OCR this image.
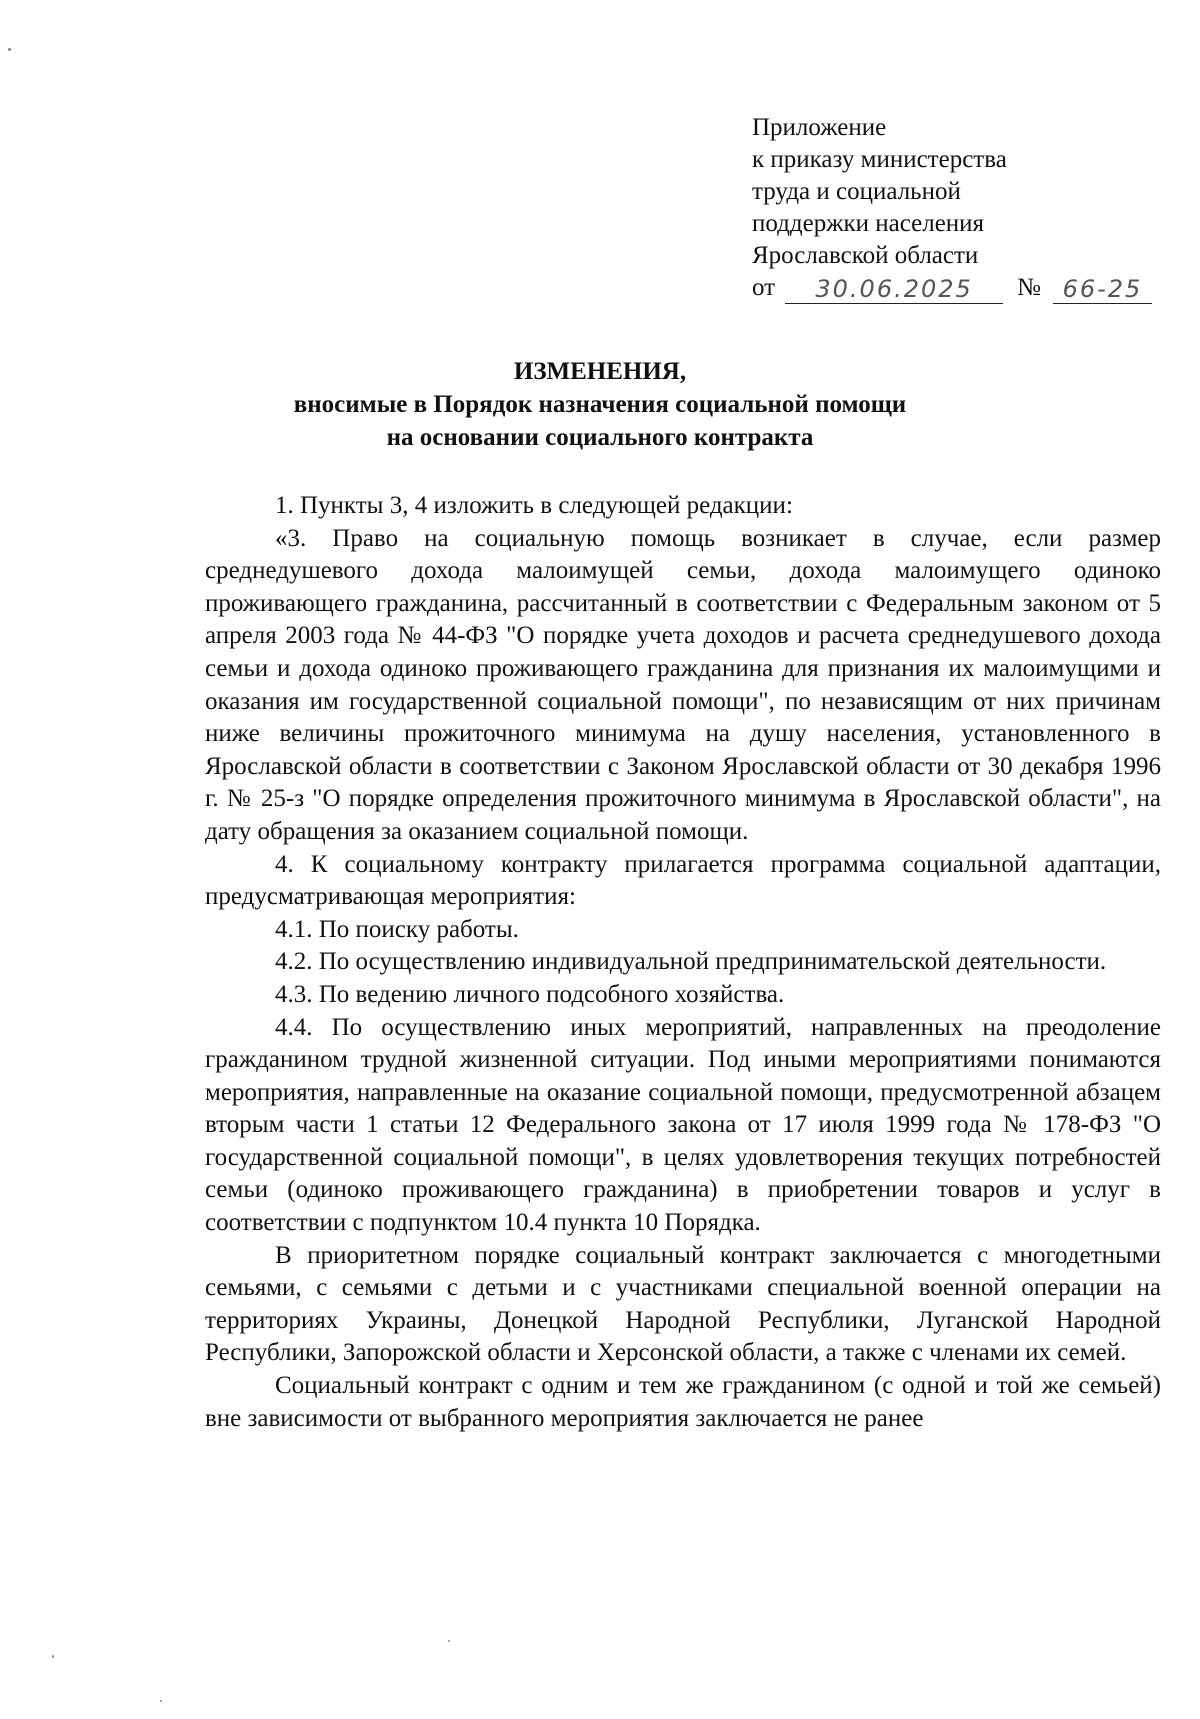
Приложение
к приказу министерства
труда и социальной
поддержки населения
Ярославской области
от	30.06.2025	№ 66-25
ИЗМЕНЕНИЯ,
вносимые в Порядок назначения социальной помощи
на основании социального контракта

1. Пункты 3, 4 изложить в следующей редакции:

«3. Право на социальную помощь возникает в случае, если размер среднедушевого дохода малоимущей семьи, дохода малоимущего одиноко проживающего гражданина, рассчитанный в соответствии с Федеральным законом от 5 апреля 2003 года № 44-ФЗ "О порядке учета доходов и расчета среднедушевого дохода семьи и дохода одиноко проживающего гражданина для признания их малоимущими и оказания им государственной социальной помощи", по независящим от них причинам ниже величины прожиточного минимума на душу населения, установленного в Ярославской области в соответствии с Законом Ярославской области от 30 декабря 1996 г. № 25-з "О порядке определения прожиточного минимума в Ярославской области", на дату обращения за оказанием социальной помощи.

4. К социальному контракту прилагается программа социальной адаптации, предусматривающая мероприятия:

4.1. По поиску работы.

4.2. По осуществлению индивидуальной предпринимательской деятельности.

4.3. По ведению личного подсобного хозяйства.

4.4. По осуществлению иных мероприятий, направленных на преодоление гражданином трудной жизненной ситуации. Под иными мероприятиями понимаются мероприятия, направленные на оказание социальной помощи, предусмотренной абзацем вторым части 1 статьи 12 Федерального закона от 17 июля 1999 года № 178-ФЗ "О государственной социальной помощи", в целях удовлетворения текущих потребностей семьи (одиноко проживающего гражданина) в приобретении товаров и услуг в соответствии с подпунктом 10.4 пункта 10 Порядка.

В приоритетном порядке социальный контракт заключается с многодетными семьями, с семьями с детьми и с участниками специальной военной операции на территориях Украины, Донецкой Народной Республики, Луганской Народной Республики, Запорожской области и Херсонской области, а также с членами их семей.

Социальный контракт с одним и тем же гражданином (с одной и той же семьей) вне зависимости от выбранного мероприятия заключается не ранее
